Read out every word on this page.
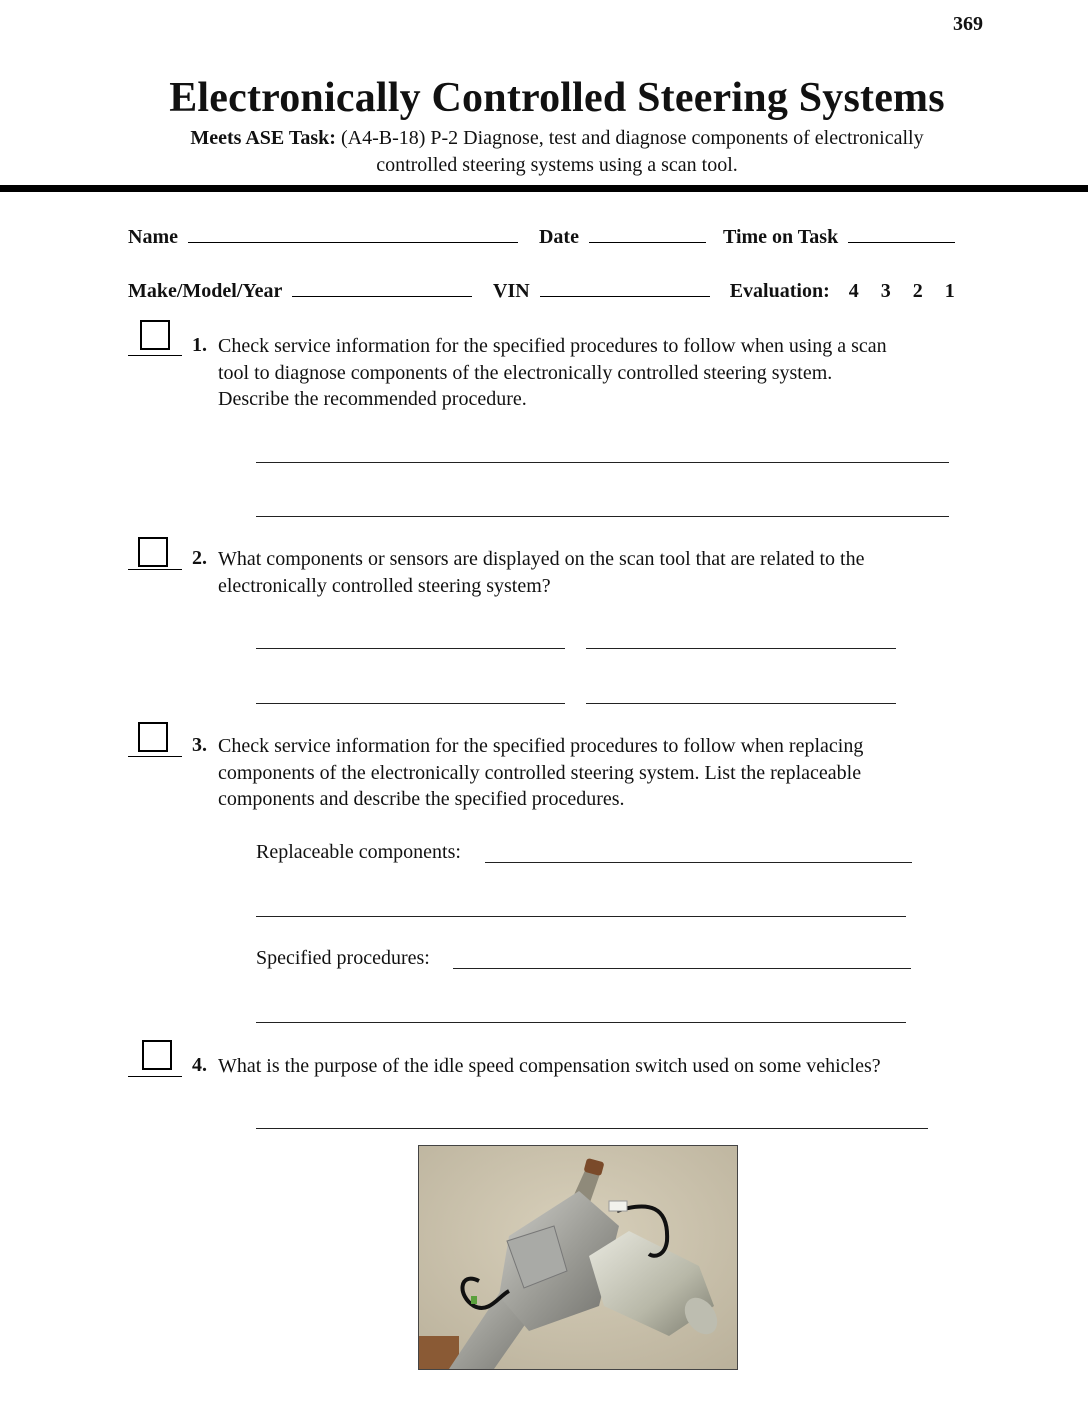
369
Electronically Controlled Steering Systems
Meets ASE Task: (A4-B-18) P-2 Diagnose, test and diagnose components of electronically
controlled steering systems using a scan tool.
Name	Date	Time on Task
Make/Model/Year	VIN	Evaluation: 4 3 2 1
1. Check service information for the specified procedures to follow when using a scan
tool to diagnose components of the electronically controlled steering system.
Describe the recommended procedure.
2. What components or sensors are displayed on the scan tool that are related to the
electronically controlled steering system?
3. Check service information for the specified procedures to follow when replacing
components of the electronically controlled steering system. List the replaceable
components and describe the specified procedures.
Replaceable components:
Specified procedures:
4. What is the purpose of the idle speed compensation switch used on some vehicles?
